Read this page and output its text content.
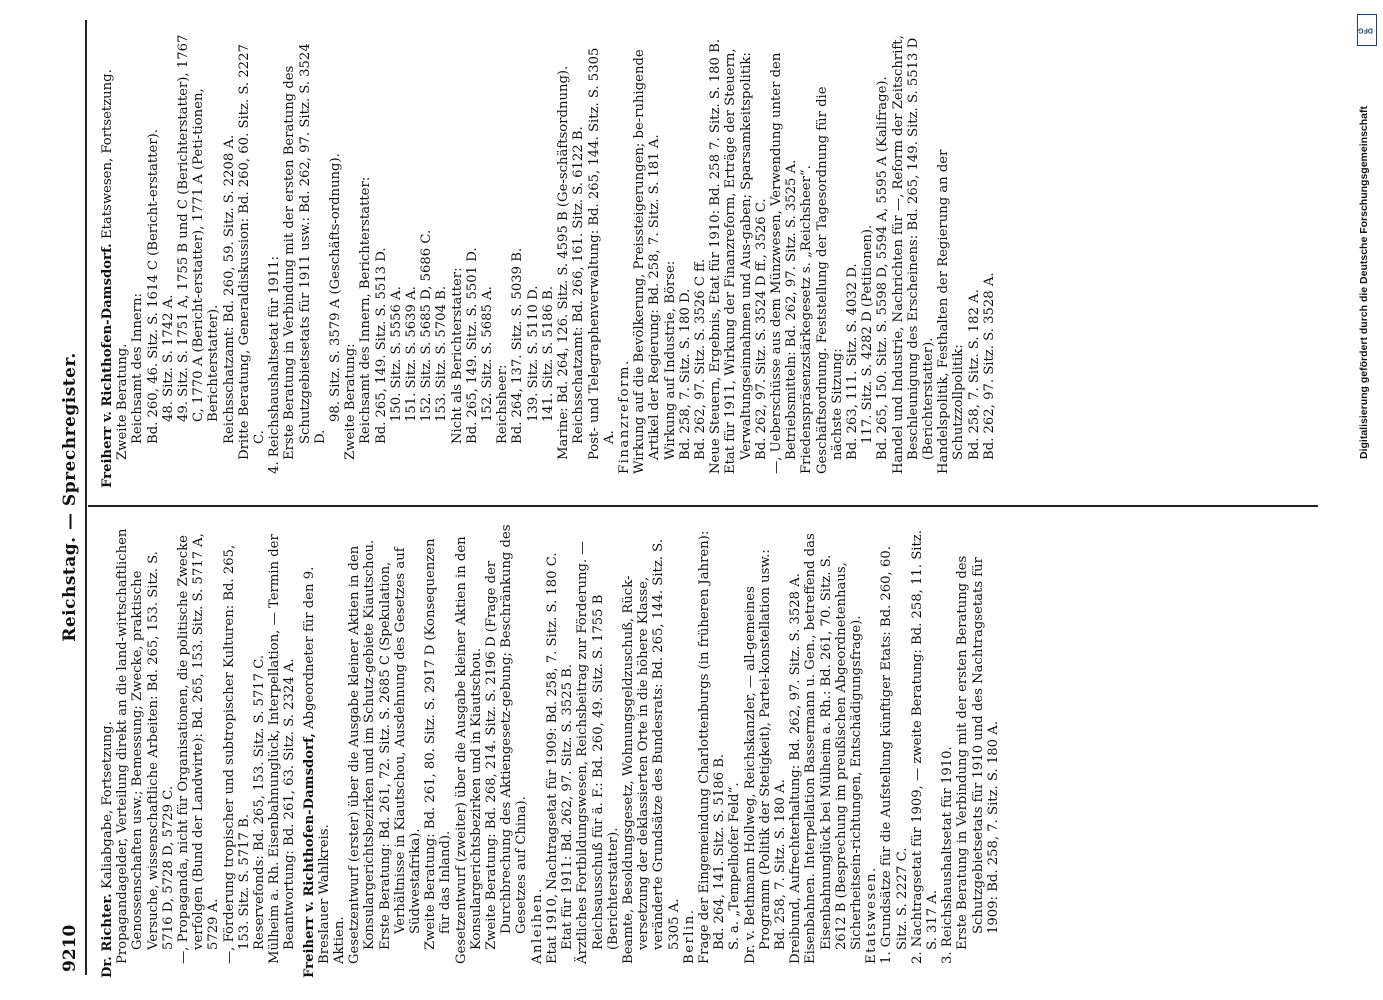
9210
Reichstag. — Sprechregister.

Dr. Richter. Kaliabgabe, Fortsetzung. Propagandagelder, Verteilung direkt an die land-wirtschaftlichen Genossenschaften usw.; Bemessung; Zwecke, praktische Versuche, wissenschaftliche Arbeiten: Bd. 265, 153. Sitz. S. 5716 D, 5728 D, 5729 C. —, Propaganda, nicht für Organisationen, die politische Zwecke verfolgen (Bund der Landwirte): Bd. 265, 153. Sitz. S. 5717 A, 5729 A. —, Förderung tropischer und subtropischer Kulturen: Bd. 265, 153. Sitz. S. 5717 B. Reservefonds: Bd. 265, 153. Sitz. S. 5717 C. Mülheim a. Rh. Eisenbahnunglück, Interpellation, — Termin der Beantwortung: Bd. 261, 63. Sitz. S. 2324 A. Freiherr v. Richthofen-Damsdorf, Abgeordneter für den 9. Breslauer Wahlkreis. Aktien. Gesetzentwurf (erster) über die Ausgabe kleiner Aktien in den Konsulargerichtsbezirken und im Schutz-gebiete Kiautschou. Erste Beratung: Bd. 261, 72. Sitz. S. 2685 C (Spekulation, Verhältnisse in Kiautschou, Ausdehnung des Gesetzes auf Südwestafrika). Zweite Beratung: Bd. 261, 80. Sitz. S. 2917 D (Konsequenzen für das Inland). Gesetzentwurf (zweiter) über die Ausgabe kleiner Aktien in den Konsulargerichtsbezirken und in Kiautschou. Zweite Beratung: Bd. 268, 214. Sitz. S. 2196 D (Frage der Durchbrechung des Aktiengesetz-gebung; Beschränkung des Gesetzes auf China). Anleihen. Etat 1910, Nachtragsetat für 1909: Bd. 258, 7. Sitz. S. 180 C. Etat für 1911: Bd. 262, 97. Sitz. S. 3525 B. Ärztliches Fortbildungswesen, Reichsbeitrag zur Förderung. — Reichsausschuß für ä. F.: Bd. 260, 49. Sitz. S. 1755 B (Berichterstatter). Beamte, Besoldungsgesetz, Wohnungsgeldzuschuß, Rück-versetzung der deklassierten Orte in die höhere Klasse, veränderte Grundsätze des Bundesrats: Bd. 265, 144. Sitz. S. 5305 A. Berlin. Frage der Eingemeindung Charlottenburgs (in früheren Jahren): Bd. 264, 141. Sitz. S. 5186 B. S. a. „Tempelhofer Feld“. Dr. v. Bethmann Hollweg, Reichskanzler, — all-gemeines Programm (Politik der Stetigkeit), Partei-konstellation usw.: Bd. 258, 7. Sitz. S. 180 A. Dreibund, Aufrechterhaltung: Bd. 262, 97. Sitz. S. 3528 A. Eisenbahnen. Interpellation Bassermann u. Gen., betreffend das Eisenbahnunglück bei Mülheim a. Rh.: Bd. 261, 70. Sitz. S. 2612 B (Besprechung im preußischen Abgeordnetenhaus, Sicherheitsein-richtungen, Entschädigungsfrage). Etatswesen. 1. Grundsätze für die Aufstellung künftiger Etats: Bd. 260, 60. Sitz. S. 2227 C. 2. Nachtragsetat für 1909, — zweite Beratung: Bd. 258, 11. Sitz. S. 317 A. 3. Reichshaushaltsetat für 1910. Erste Beratung in Verbindung mit der ersten Beratung des Schutzgebietsetats für 1910 und des Nachtragsetats für 1909: Bd. 258, 7. Sitz. S. 180 A.

Freiherr v. Richthofen-Damsdorf. Etatswesen, Fortsetzung.

Zweite Beratung. Reichsamt des Innern: Bd. 260, 46. Sitz. S. 1614 C (Bericht-erstatter). 48. Sitz. S. 1742 A. 49. Sitz. S. 1751 A, 1755 B und C (Berichterstatter), 1767 C, 1770 A (Bericht-erstatter), 1771 A (Peti-tionen, Berichterstatter). Reichsschatzamt: Bd. 260, 59. Sitz. S. 2208 A. Dritte Beratung, Generaldiskussion: Bd. 260, 60. Sitz. S. 2227 C. 4. Reichshaushaltsetat für 1911: Erste Beratung in Verbindung mit der ersten Beratung des Schutzgebietsetats für 1911 usw.: Bd. 262, 97. Sitz. S. 3524 D.

98. Sitz. S. 3579 A (Geschäfts-ordnung). Zweite Beratung: Reichsamt des Innern, Berichterstatter: Bd. 265, 149. Sitz. S. 5513 D. 150. Sitz. S. 5556 A. 151. Sitz. S. 5639 A. 152. Sitz. S. 5685 D, 5686 C. 153. Sitz. S. 5704 B. Nicht als Berichterstatter: Bd. 265, 149. Sitz. S. 5501 D. 152. Sitz. S. 5685 A. Reichsheer: Bd. 264, 137. Sitz. S. 5039 B. 139. Sitz. S. 5110 D. 141. Sitz. S. 5186 B. Marine: Bd. 264, 126. Sitz. S. 4595 B (Ge-schäftsordnung). Reichsschatzamt: Bd. 266, 161. Sitz. S. 6122 B. Post- und Telegraphenverwaltung: Bd. 265, 144. Sitz. S. 5305 A. Finanzreform. Wirkung auf die Bevölkerung, Preissteigerungen; be-ruhigende Artikel der Regierung: Bd. 258, 7. Sitz. S. 181 A. Wirkung auf Industrie, Börse: Bd. 258, 7. Sitz. S. 180 D. Bd. 262, 97. Sitz. S. 3526 C ff. Neue Steuern, Ergebnis, Etat für 1910: Bd. 258 7. Sitz. S. 180 B. Etat für 1911, Wirkung der Finanzreform, Erträge der Steuern, Verwaltungseinnahmen und Aus-gaben; Sparsamkeitspolitik: Bd. 262, 97. Sitz. S. 3524 D ff., 3526 C. —, Ueberschüsse aus dem Münzwesen, Verwendung unter den Betriebsmitteln: Bd. 262, 97. Sitz. S. 3525 A. Friedenspräsenzstärkegesetz s. „Reichsheer“. Geschäftsordnung. Feststellung der Tagesordnung für die nächste Sitzung: Bd. 263, 111. Sitz. S. 4032 D. 117. Sitz. S. 4282 D (Petitionen). Bd. 265, 150. Sitz. S. 5598 D, 5594 A, 5595 A (Kalifrage). Handel und Industrie, Nachrichten für —, Reform der Zeitschrift, Beschleunigung des Erscheinens: Bd. 265, 149. Sitz. S. 5513 D (Berichterstatter). Handelspolitik, Festhalten der Regierung an der Schutzzollpolitik: Bd. 258, 7. Sitz. S. 182 A. Bd. 262, 97. Sitz. S. 3528 A.

DFG
Digitalisierung gefördert durch die Deutsche Forschungsgemeinschaft
